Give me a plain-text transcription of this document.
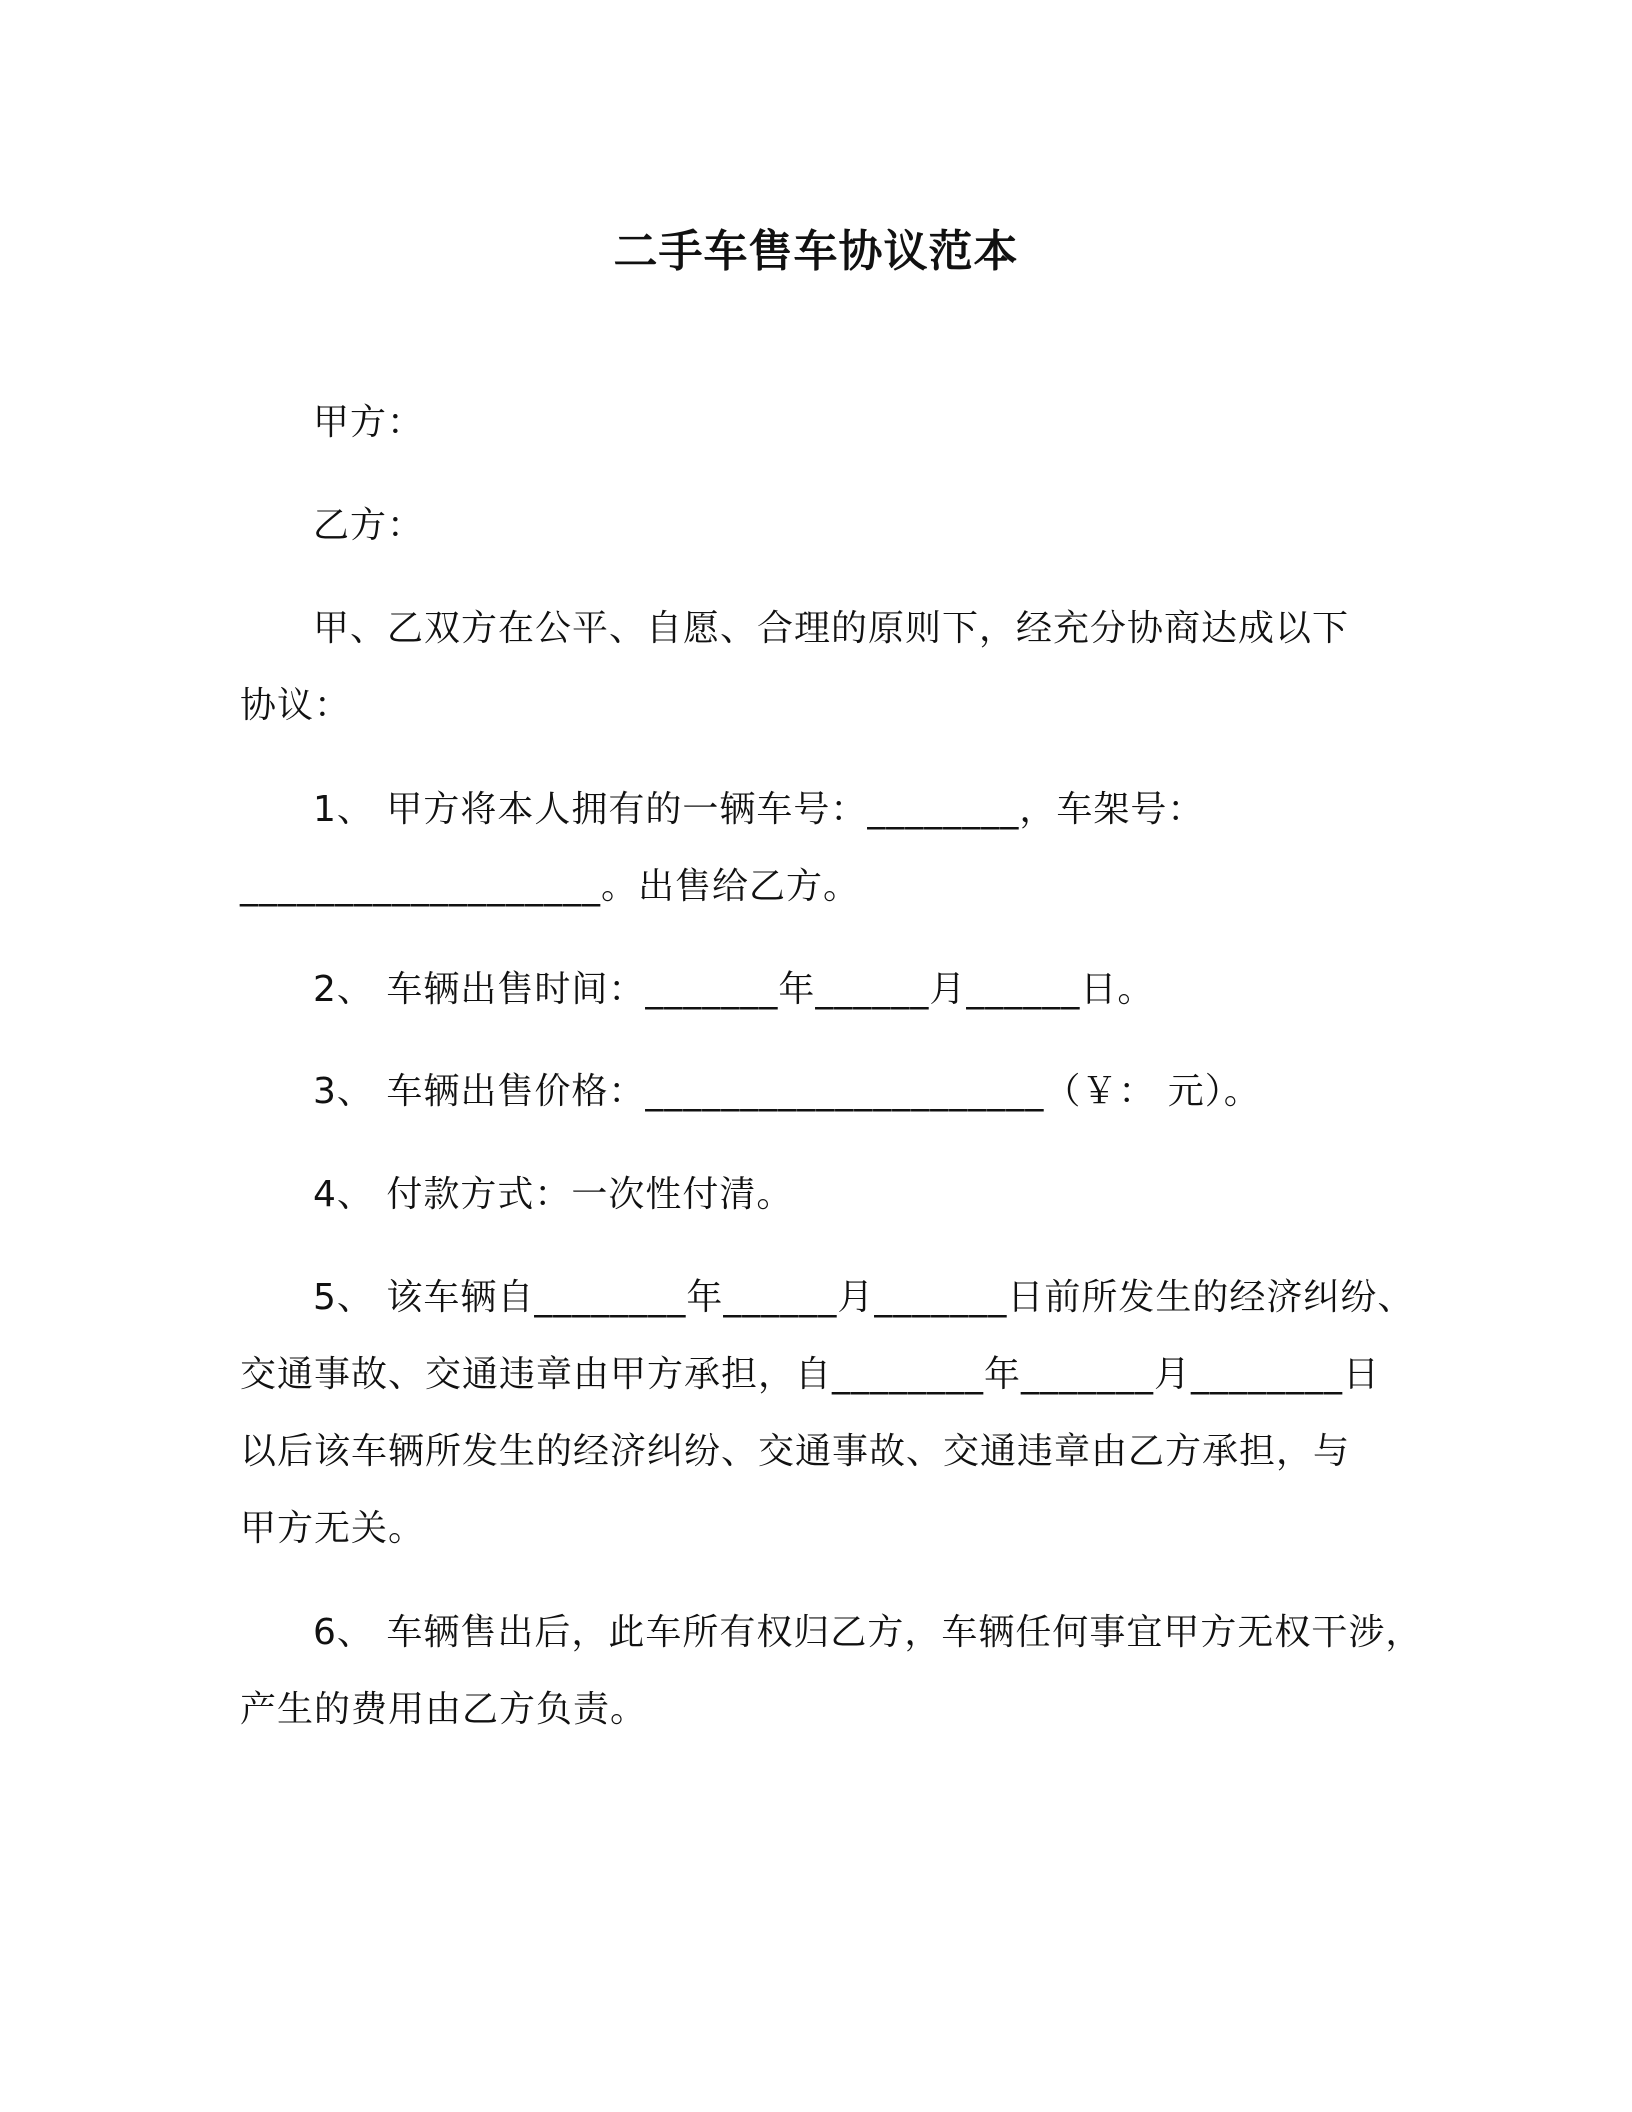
二手车售车协议范本
甲方：
乙方：
甲、乙双方在公平、自愿、合理的原则下，经充分协商达成以下
协议：
1、 甲方将本人拥有的一辆车号：________，车架号：
___________________。出售给乙方。
2、 车辆出售时间：_______年______月______日。
3、 车辆出售价格：_____________________（￥： 元）。
4、 付款方式：一次性付清。
5、 该车辆自________年______月_______日前所发生的经济纠纷、
交通事故、交通违章由甲方承担，自________年_______月________日
以后该车辆所发生的经济纠纷、交通事故、交通违章由乙方承担，与
甲方无关。
6、 车辆售出后，此车所有权归乙方，车辆任何事宜甲方无权干涉，
产生的费用由乙方负责。
